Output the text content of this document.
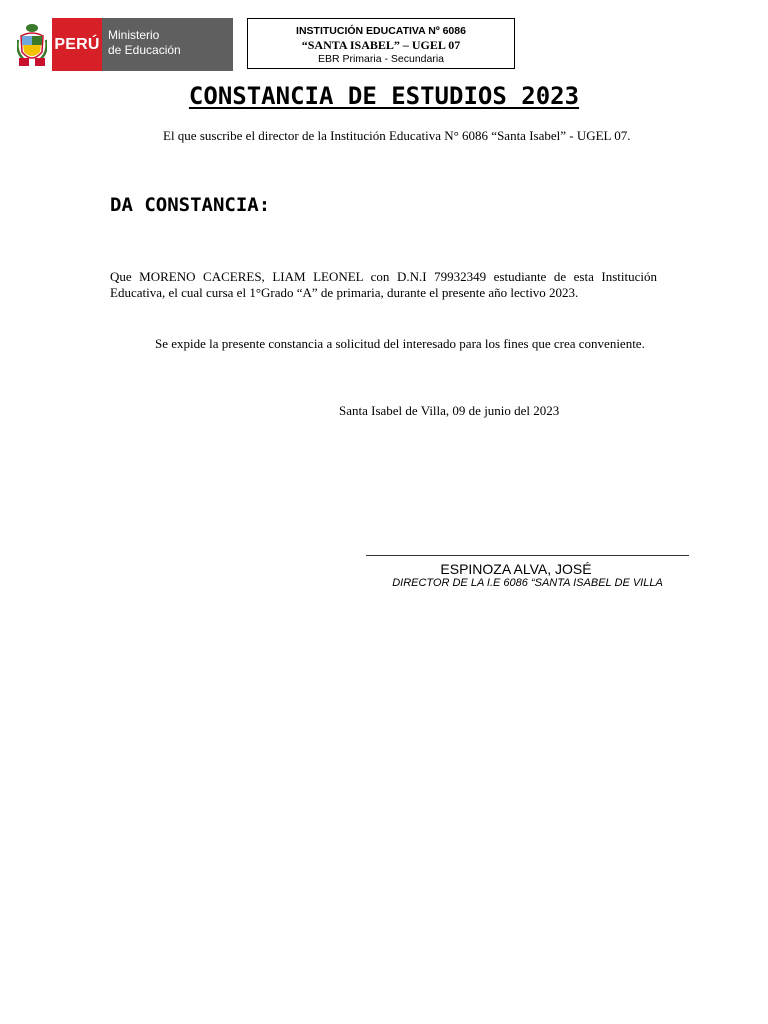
PERÚ
Ministerio
de Educación
INSTITUCIÓN EDUCATIVA Nº 6086
“SANTA ISABEL” – UGEL 07
EBR Primaria - Secundaria
CONSTANCIA DE ESTUDIOS 2023
El que suscribe el director de la Institución Educativa N° 6086 “Santa Isabel” - UGEL 07.
DA CONSTANCIA:
Que MORENO CACERES, LIAM LEONEL con D.N.I 79932349 estudiante de esta Institución Educativa, el cual cursa el 1°Grado “A” de primaria, durante el presente año lectivo 2023.
Se expide la presente constancia a solicitud del interesado para los fines que crea conveniente.
Santa Isabel de Villa, 09 de junio del 2023
ESPINOZA ALVA, JOSÉ
DIRECTOR DE LA I.E 6086 “SANTA ISABEL DE VILLA
